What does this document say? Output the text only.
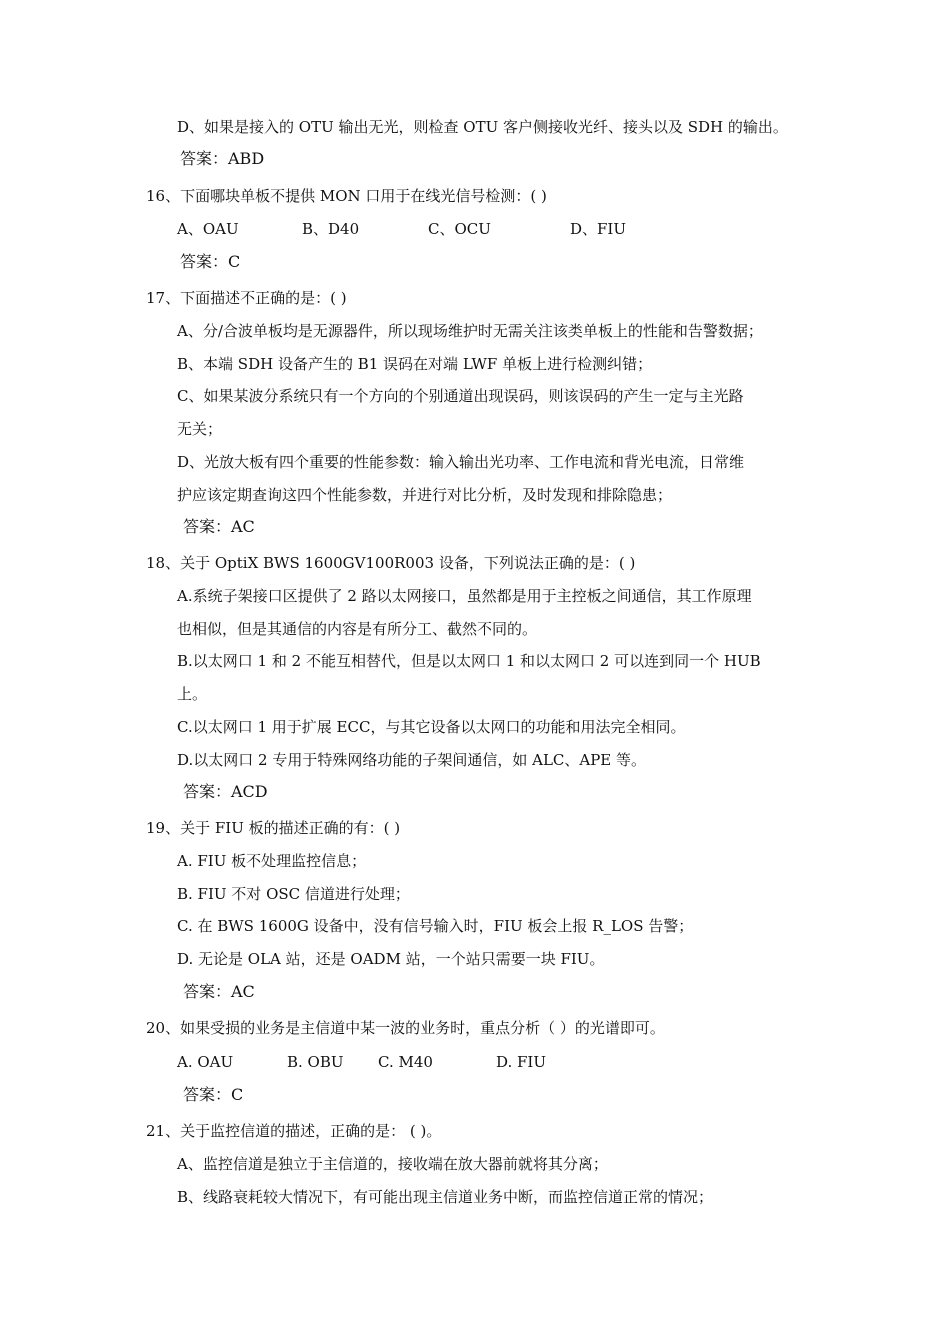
D、如果是接入的 OTU 输出无光，则检查 OTU 客户侧接收光纤、接头以及 SDH 的输出。
答案：ABD
16、下面哪块单板不提供 MON 口用于在线光信号检测：( )
A、OAU	B、D40	C、OCU	D、FIU
答案：C
17、下面描述不正确的是：( )
A、分/合波单板均是无源器件，所以现场维护时无需关注该类单板上的性能和告警数据；
B、本端 SDH 设备产生的 B1 误码在对端 LWF 单板上进行检测纠错；
C、如果某波分系统只有一个方向的个别通道出现误码，则该误码的产生一定与主光路
无关；
D、光放大板有四个重要的性能参数：输入输出光功率、工作电流和背光电流，日常维
护应该定期查询这四个性能参数，并进行对比分析，及时发现和排除隐患；
答案：AC
18、关于 OptiX BWS 1600GV100R003 设备，下列说法正确的是：( )
A.系统子架接口区提供了 2 路以太网接口，虽然都是用于主控板之间通信，其工作原理
也相似，但是其通信的内容是有所分工、截然不同的。
B.以太网口 1 和 2 不能互相替代，但是以太网口 1 和以太网口 2 可以连到同一个 HUB
上。
C.以太网口 1 用于扩展 ECC，与其它设备以太网口的功能和用法完全相同。
D.以太网口 2 专用于特殊网络功能的子架间通信，如 ALC、APE 等。
答案：ACD
19、关于 FIU 板的描述正确的有：( )
A. FIU 板不处理监控信息；
B. FIU 不对 OSC 信道进行处理；
C. 在 BWS 1600G 设备中，没有信号输入时，FIU 板会上报 R_LOS 告警；
D. 无论是 OLA 站，还是 OADM 站，一个站只需要一块 FIU。
答案：AC
20、如果受损的业务是主信道中某一波的业务时，重点分析（ ）的光谱即可。
A. OAU	B. OBU C. M40	D. FIU
答案：C
21、关于监控信道的描述，正确的是： ( )。
A、监控信道是独立于主信道的，接收端在放大器前就将其分离；
B、线路衰耗较大情况下，有可能出现主信道业务中断，而监控信道正常的情况；
